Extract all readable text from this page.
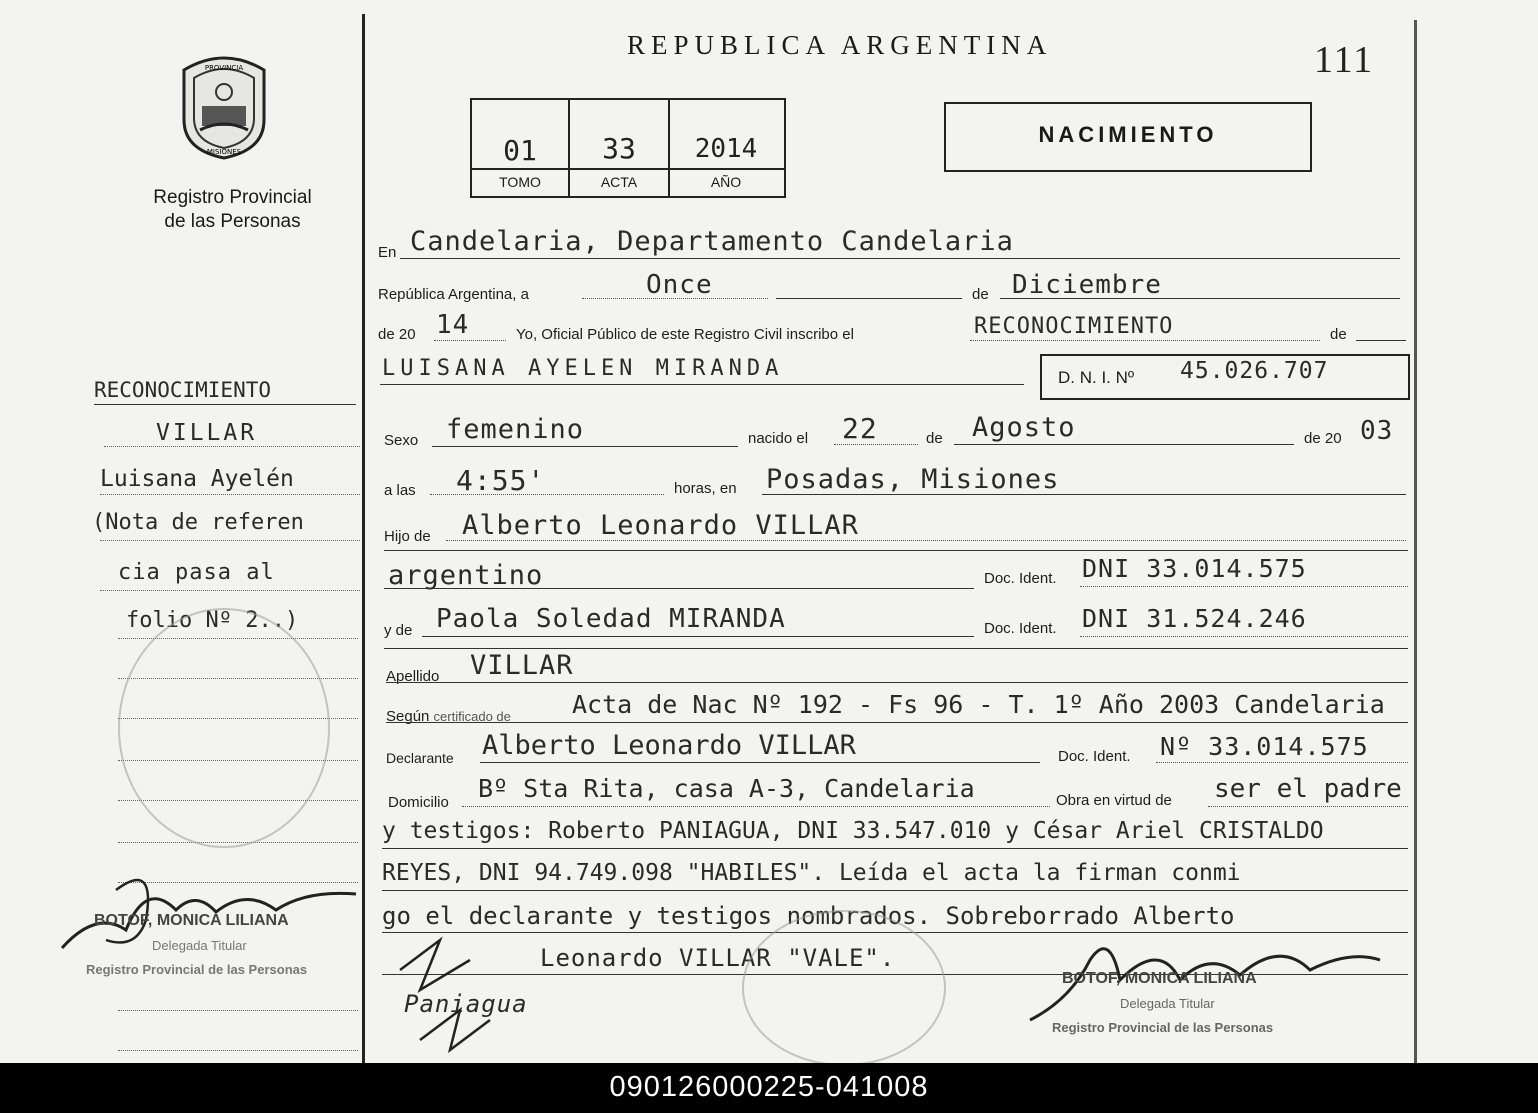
PROVINCIA
MISIONES
Registro Provincial
de las Personas
REPUBLICA ARGENTINA	111
01	33	2014
TOMO	ACTA	AÑO
NACIMIENTO
En Candelaria, Departamento Candelaria
República Argentina, a	Once	de Diciembre
de 20 14	Yo, Oficial Público de este Registro Civil inscribo el	RECONOCIMIENTO	de
LUISANA AYELEN MIRANDA	D. N. I. Nº 45.026.707
Sexo femenino	nacido el 22	de Agosto	de 20 03
a las 4:55'	horas, en Posadas, Misiones
Hijo de Alberto Leonardo VILLAR
argentino	Doc. Ident. DNI 33.014.575
y de Paola Soledad MIRANDA	Doc. Ident. DNI 31.524.246
Apellido VILLAR
Según certificado de Acta de Nac Nº 192 - Fs 96 - T. 1º Año 2003 Candelaria
Declarante Alberto Leonardo VILLAR	Doc. Ident. Nº 33.014.575
Domicilio Bº Sta Rita, casa A-3, Candelaria	Obra en virtud de ser el padre
y testigos: Roberto PANIAGUA, DNI 33.547.010 y César Ariel CRISTALDO
REYES, DNI 94.749.098 "HABILES". Leída el acta la firman conmi
go el declarante y testigos nombrados. Sobreborrado Alberto
Leonardo VILLAR "VALE".
RECONOCIMIENTO
VILLAR
Luisana Ayelén
(Nota de referen
cia pasa al
folio Nº 2..)
BOTOF, MONICA LILIANA
Delegada Titular
Registro Provincial de las Personas
BOTOF, MONICA LILIANA
Delegada Titular
Registro Provincial de las Personas
Paniagua
090126000225-041008
